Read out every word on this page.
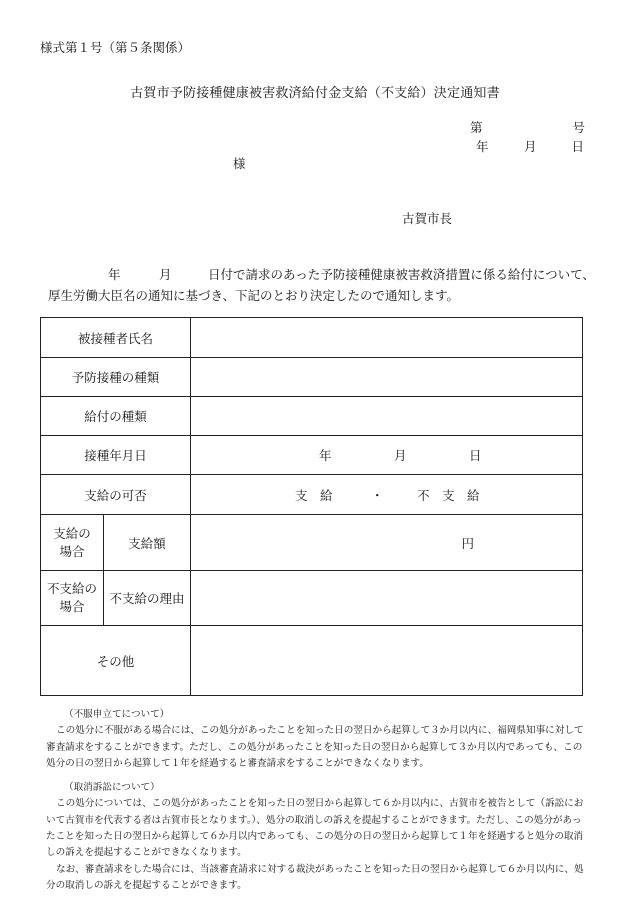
様式第１号（第５条関係）
古賀市予防接種健康被害救済給付金支給（不支給）決定通知書
第	号
年	月	日
様
古賀市長
年	月	日付で請求のあった予防接種健康被害救済措置に係る給付について、
厚生労働大臣名の通知に基づき、下記のとおり決定したので通知します。
被接種者氏名		
予防接種の種類		
給付の種類		
接種年月日		年 月 日

支給の可否		支　給 ・ 不　支　給

支給の
場合	支給額	円
不支給の
場合	不支給の理由	
その他		

（不服申立てについて）

この処分に不服がある場合には、この処分があったことを知った日の翌日から起算して３か月以内に、福岡県知事に対して審査請求をすることができます。ただし、この処分があったことを知った日の翌日から起算して３か月以内であっても、この処分の日の翌日から起算して１年を経過すると審査請求をすることができなくなります。

（取消訴訟について）

この処分については、この処分があったことを知った日の翌日から起算して６か月以内に、古賀市を被告として（訴訟において古賀市を代表する者は古賀市長となります。）、処分の取消しの訴えを提起することができます。ただし、この処分があったことを知った日の翌日から起算して６か月以内であっても、この処分の日の翌日から起算して１年を経過すると処分の取消しの訴えを提起することができなくなります。

なお、審査請求をした場合には、当該審査請求に対する裁決があったことを知った日の翌日から起算して６か月以内に、処分の取消しの訴えを提起することができます。
